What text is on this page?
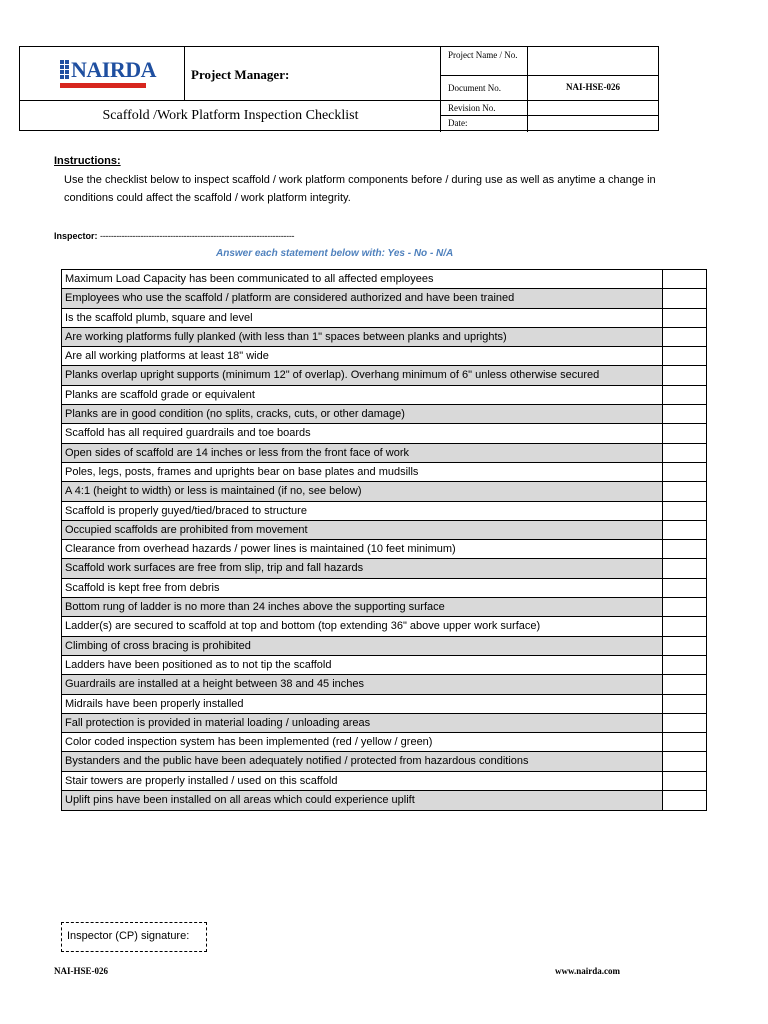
NAIRDA	Project Manager:
Scaffold /Work Platform Inspection Checklist
Project Name / No.
Document No.	NAI-HSE-026
Revision No.
Date:
Instructions:
Use the checklist below to inspect scaffold / work platform components before / during use as well as anytime a change in conditions could affect the scaffold / work platform integrity.
Inspector: ------------------------------------------------------------------------
Answer each statement below with: Yes - No - N/A
Maximum Load Capacity has been communicated to all affected employees
Employees who use the scaffold / platform are considered authorized and have been trained
Is the scaffold plumb, square and level
Are working platforms fully planked (with less than 1" spaces between planks and uprights)
Are all working platforms at least 18" wide
Planks overlap upright supports (minimum 12" of overlap). Overhang minimum of 6" unless otherwise secured
Planks are scaffold grade or equivalent
Planks are in good condition (no splits, cracks, cuts, or other damage)
Scaffold has all required guardrails and toe boards
Open sides of scaffold are 14 inches or less from the front face of work
Poles, legs, posts, frames and uprights bear on base plates and mudsills
A 4:1 (height to width) or less is maintained (if no, see below)
Scaffold is properly guyed/tied/braced to structure
Occupied scaffolds are prohibited from movement
Clearance from overhead hazards / power lines is maintained (10 feet minimum)
Scaffold work surfaces are free from slip, trip and fall hazards
Scaffold is kept free from debris
Bottom rung of ladder is no more than 24 inches above the supporting surface
Ladder(s) are secured to scaffold at top and bottom (top extending 36" above upper work surface)
Climbing of cross bracing is prohibited
Ladders have been positioned as to not tip the scaffold
Guardrails are installed at a height between 38 and 45 inches
Midrails have been properly installed
Fall protection is provided in material loading / unloading areas
Color coded inspection system has been implemented (red / yellow / green)
Bystanders and the public have been adequately notified / protected from hazardous conditions
Stair towers are properly installed / used on this scaffold
Uplift pins have been installed on all areas which could experience uplift
Inspector (CP) signature:
NAI-HSE-026	www.nairda.com
